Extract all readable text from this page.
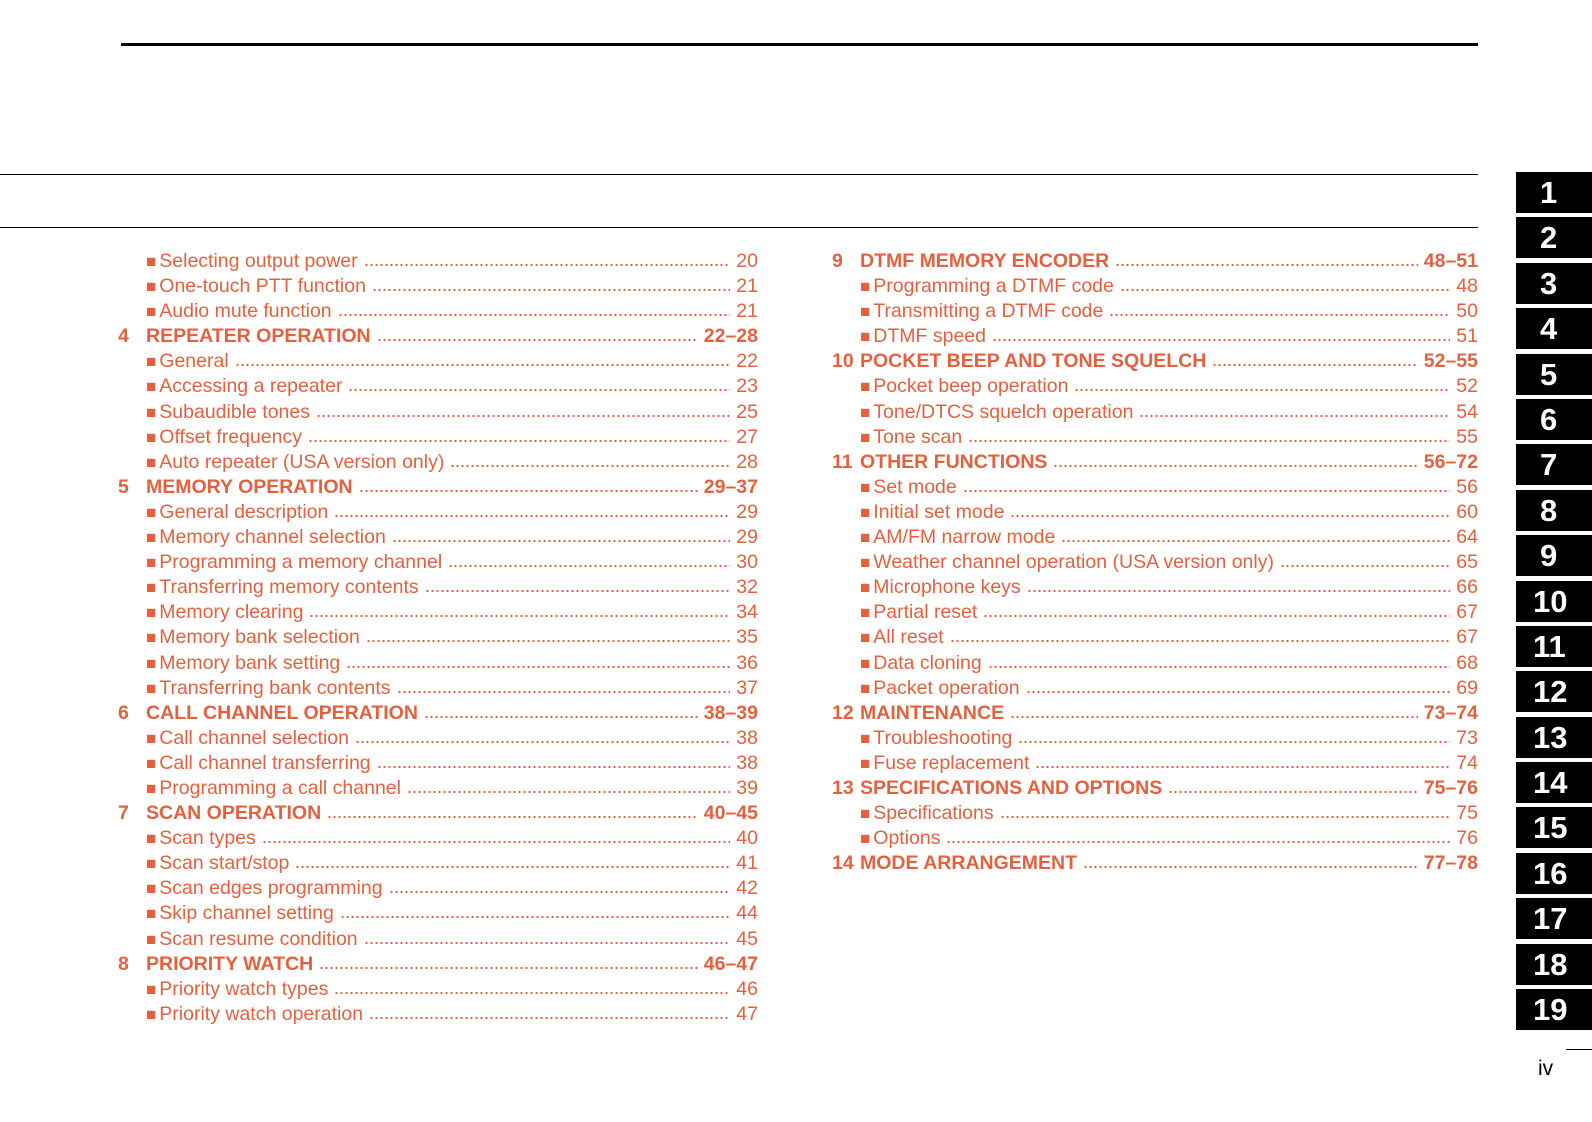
■ Selecting output power	20
■ One-touch PTT function	21
■ Audio mute function	21
4 REPEATER OPERATION	22–28
■ General	22
■ Accessing a repeater	23
■ Subaudible tones	25
■ Offset frequency	27
■ Auto repeater (USA version only)	28
5 MEMORY OPERATION	29–37
■ General description	29
■ Memory channel selection	29
■ Programming a memory channel	30
■ Transferring memory contents	32
■ Memory clearing	34
■ Memory bank selection	35
■ Memory bank setting	36
■ Transferring bank contents	37
6 CALL CHANNEL OPERATION	38–39
■ Call channel selection	38
■ Call channel transferring	38
■ Programming a call channel	39
7 SCAN OPERATION	40–45
■ Scan types	40
■ Scan start/stop	41
■ Scan edges programming	42
■ Skip channel setting	44
■ Scan resume condition	45
8 PRIORITY WATCH	46–47
■ Priority watch types	46
■ Priority watch operation	47
9 DTMF MEMORY ENCODER	48–51
■ Programming a DTMF code	48
■ Transmitting a DTMF code	50
■ DTMF speed	51
10 POCKET BEEP AND TONE SQUELCH	52–55
■ Pocket beep operation	52
■ Tone/DTCS squelch operation	54
■ Tone scan	55
11 OTHER FUNCTIONS	56–72
■ Set mode	56
■ Initial set mode	60
■ AM/FM narrow mode	64
■ Weather channel operation (USA version only)	65
■ Microphone keys	66
■ Partial reset	67
■ All reset	67
■ Data cloning	68
■ Packet operation	69
12 MAINTENANCE	73–74
■ Troubleshooting	73
■ Fuse replacement	74
13 SPECIFICATIONS AND OPTIONS	75–76
■ Specifications	75
■ Options	76
14 MODE ARRANGEMENT	77–78
1
2
3
4
5
6
7
8
9
10
11
12
13
14
15
16
17
18
19
iv
